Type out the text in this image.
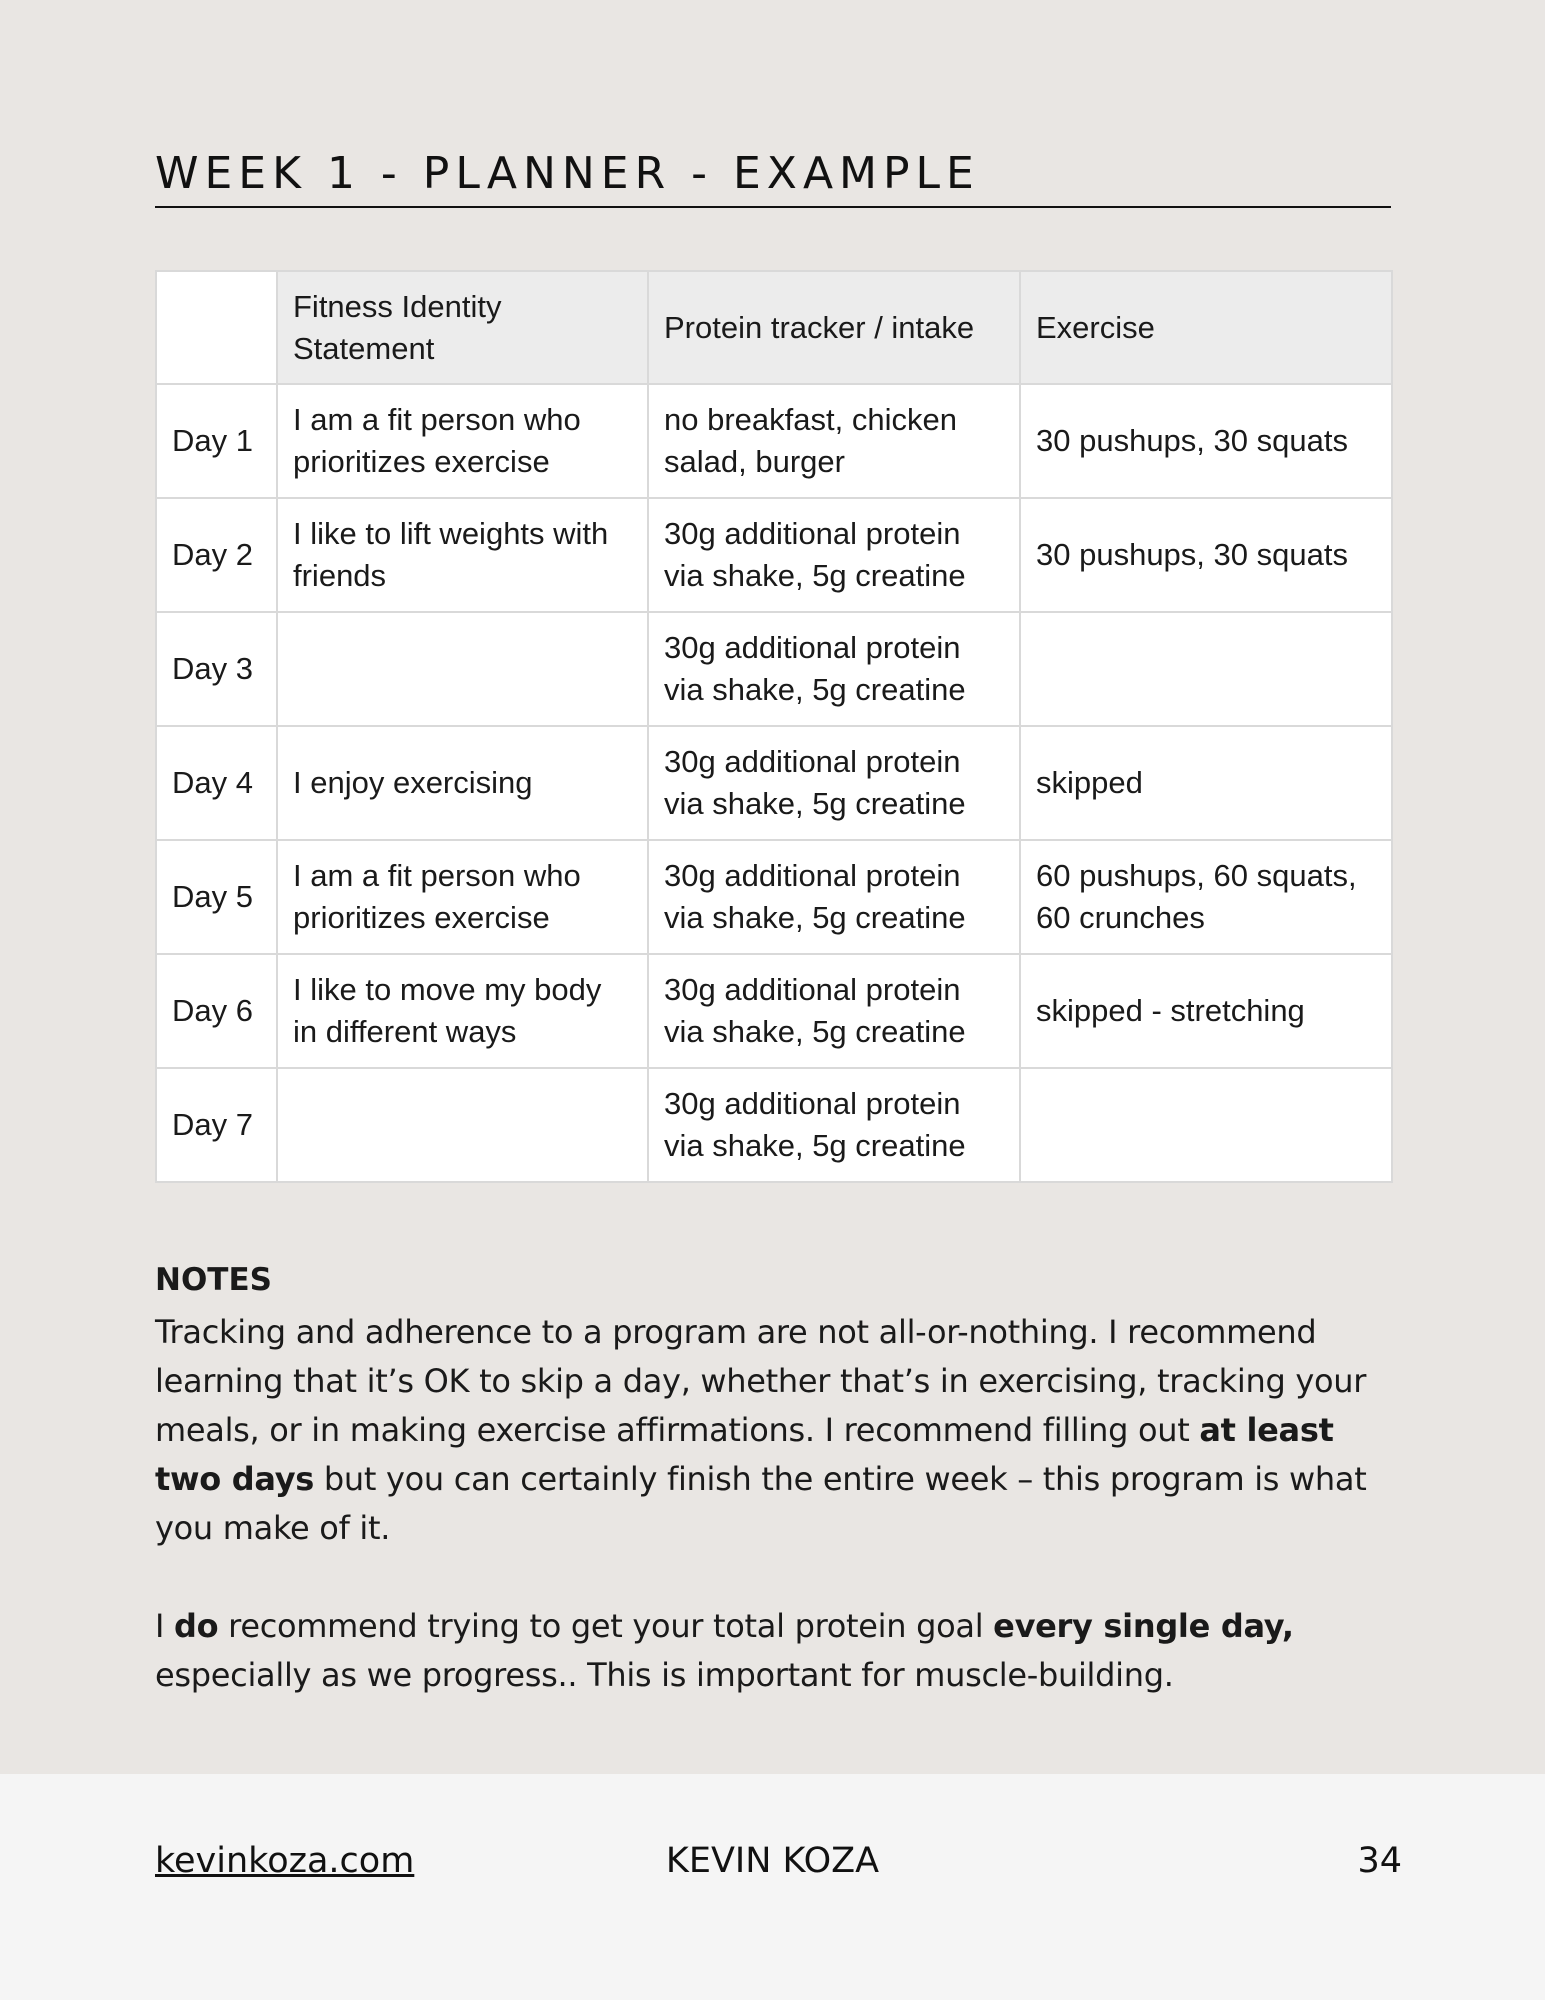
WEEK 1 - PLANNER - EXAMPLE
	Fitness Identity Statement	Protein tracker / intake	Exercise
Day 1	I am a fit person who prioritizes exercise	no breakfast, chicken salad, burger	30 pushups, 30 squats
Day 2	I like to lift weights with friends	30g additional protein via shake, 5g creatine	30 pushups, 30 squats
Day 3		30g additional protein via shake, 5g creatine	
Day 4	I enjoy exercising	30g additional protein via shake, 5g creatine	skipped
Day 5	I am a fit person who prioritizes exercise	30g additional protein via shake, 5g creatine	60 pushups, 60 squats, 60 crunches
Day 6	I like to move my body in different ways	30g additional protein via shake, 5g creatine	skipped - stretching
Day 7		30g additional protein via shake, 5g creatine	
NOTES

Tracking and adherence to a program are not all-or-nothing. I recommend learning that it’s OK to skip a day, whether that’s in exercising, tracking your meals, or in making exercise affirmations. I recommend filling out at least two days but you can certainly finish the entire week – this program is what you make of it.

I do recommend trying to get your total protein goal every single day, especially as we progress.. This is important for muscle-building.

kevinkoza.com	KEVIN KOZA	34
